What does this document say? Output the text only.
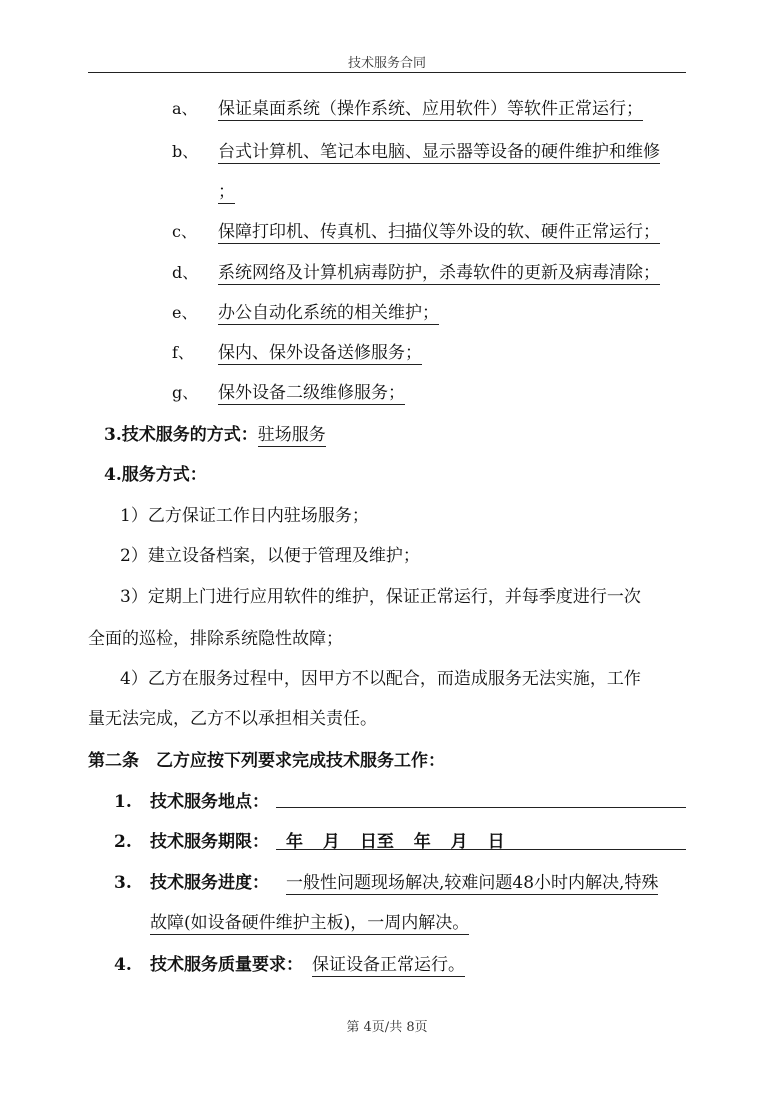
技术服务合同
a、 保证桌面系统（操作系统、应用软件）等软件正常运行；
b、 台式计算机、笔记本电脑、显示器等设备的硬件维护和维修
；
c、 保障打印机、传真机、扫描仪等外设的软、硬件正常运行；
d、 系统网络及计算机病毒防护，杀毒软件的更新及病毒清除；
e、 办公自动化系统的相关维护；
f、 保内、保外设备送修服务；
g、 保外设备二级维修服务；
3.技术服务的方式：驻场服务
4.服务方式：
1）乙方保证工作日内驻场服务；
2）建立设备档案，以便于管理及维护；
3）定期上门进行应用软件的维护，保证正常运行，并每季度进行一次
全面的巡检，排除系统隐性故障；
4）乙方在服务过程中，因甲方不以配合，而造成服务无法实施，工作
量无法完成，乙方不以承担相关责任。
第二条　乙方应按下列要求完成技术服务工作：
1. 技术服务地点：
2. 技术服务期限： 年 月 日至 年 月 日
3. 技术服务进度： 一般性问题现场解决,较难问题48小时内解决,特殊
故障(如设备硬件维护主板)，一周内解决。
4. 技术服务质量要求： 保证设备正常运行。
第 4页/共 8页
